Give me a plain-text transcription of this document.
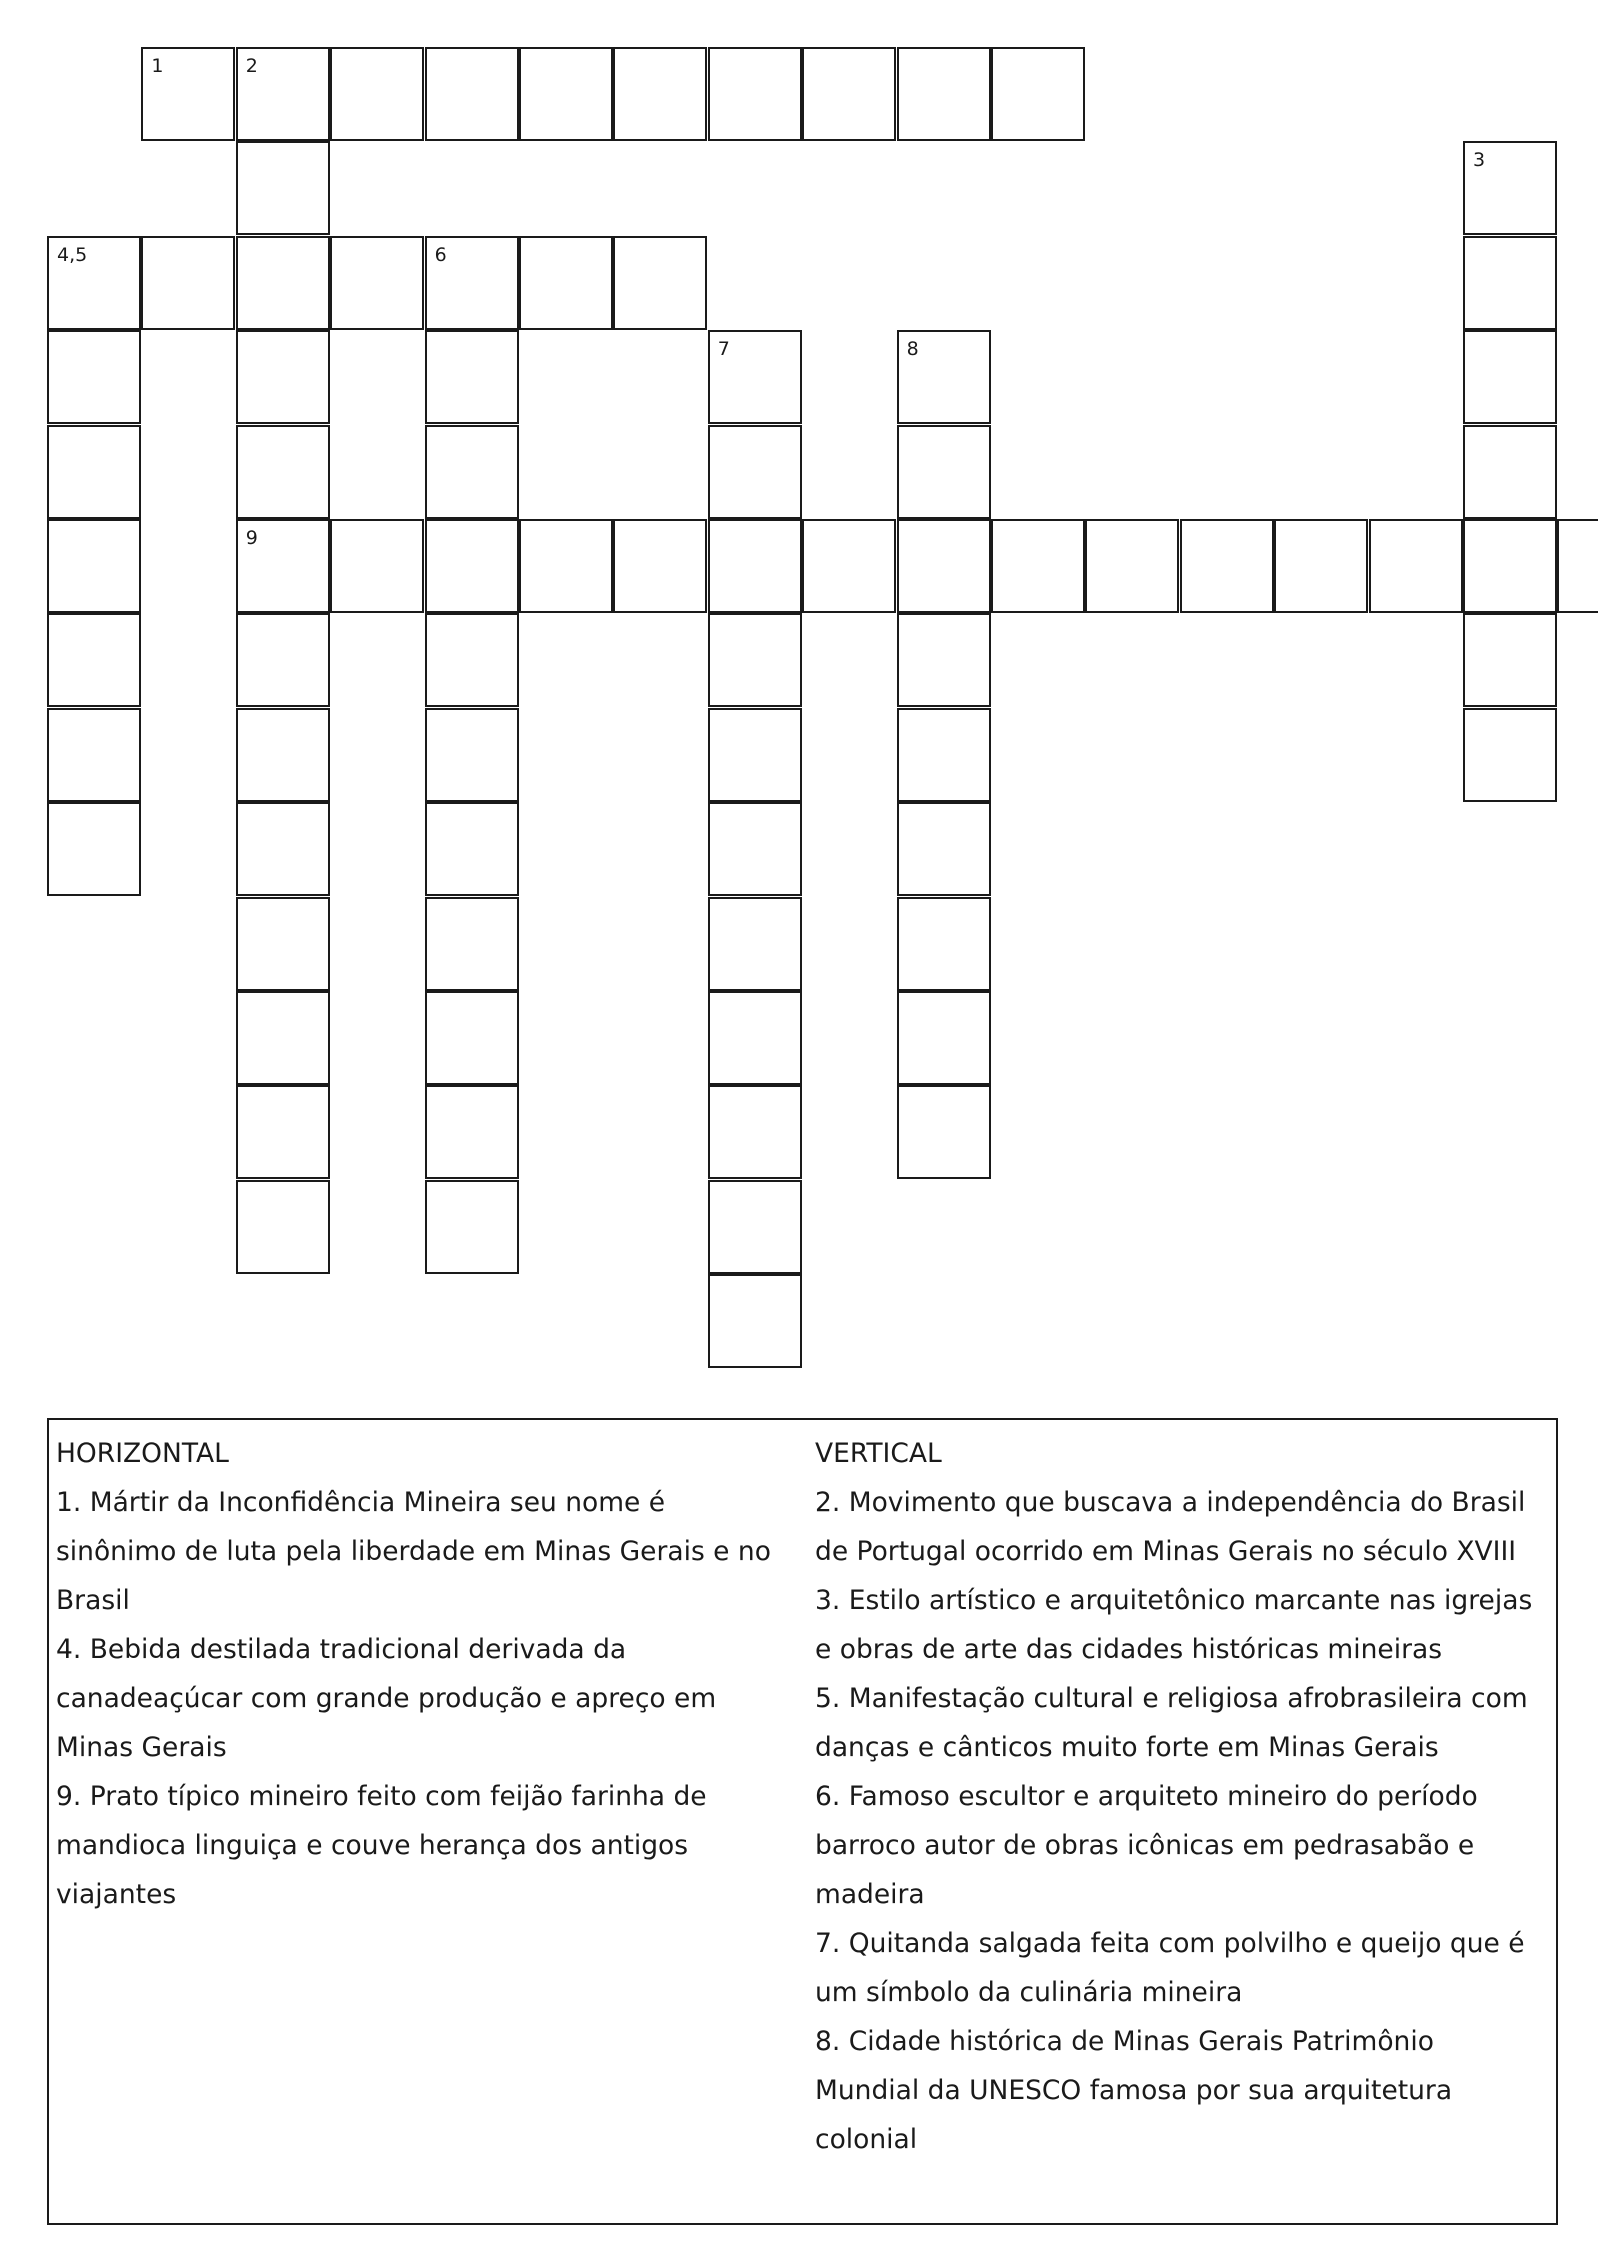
1	2
4,5	6
9
3
7	8
HORIZONTAL
1. Mártir da Inconfidência Mineira seu nome é
sinônimo de luta pela liberdade em Minas Gerais e no
Brasil
4. Bebida destilada tradicional derivada da
canadeaçúcar com grande produção e apreço em
Minas Gerais
9. Prato típico mineiro feito com feijão farinha de
mandioca linguiça e couve herança dos antigos
viajantes
VERTICAL
2. Movimento que buscava a independência do Brasil
de Portugal ocorrido em Minas Gerais no século XVIII
3. Estilo artístico e arquitetônico marcante nas igrejas
e obras de arte das cidades históricas mineiras
5. Manifestação cultural e religiosa afrobrasileira com
danças e cânticos muito forte em Minas Gerais
6. Famoso escultor e arquiteto mineiro do período
barroco autor de obras icônicas em pedrasabão e
madeira
7. Quitanda salgada feita com polvilho e queijo que é
um símbolo da culinária mineira
8. Cidade histórica de Minas Gerais Patrimônio
Mundial da UNESCO famosa por sua arquitetura
colonial
